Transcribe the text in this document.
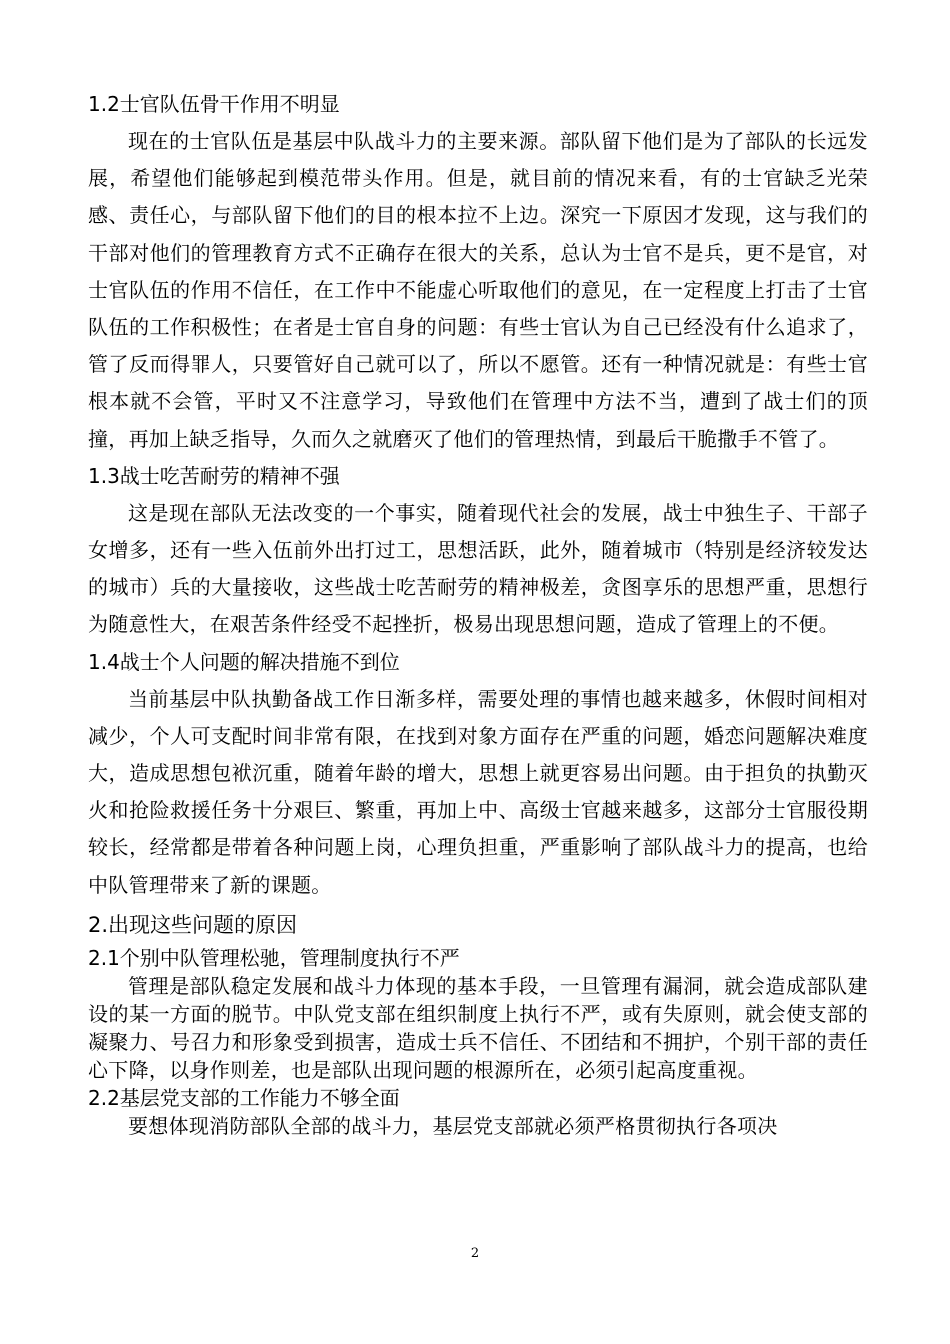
1.2士官队伍骨干作用不明显

现在的士官队伍是基层中队战斗力的主要来源。部队留下他们是为了部队的长远发展，希望他们能够起到模范带头作用。但是，就目前的情况来看，有的士官缺乏光荣感、责任心，与部队留下他们的目的根本拉不上边。深究一下原因才发现，这与我们的干部对他们的管理教育方式不正确存在很大的关系，总认为士官不是兵，更不是官，对士官队伍的作用不信任，在工作中不能虚心听取他们的意见，在一定程度上打击了士官队伍的工作积极性；在者是士官自身的问题：有些士官认为自己已经没有什么追求了，管了反而得罪人，只要管好自己就可以了，所以不愿管。还有一种情况就是：有些士官根本就不会管，平时又不注意学习，导致他们在管理中方法不当，遭到了战士们的顶撞，再加上缺乏指导，久而久之就磨灭了他们的管理热情，到最后干脆撒手不管了。

1.3战士吃苦耐劳的精神不强

这是现在部队无法改变的一个事实，随着现代社会的发展，战士中独生子、干部子女增多，还有一些入伍前外出打过工，思想活跃，此外，随着城市（特别是经济较发达的城市）兵的大量接收，这些战士吃苦耐劳的精神极差，贪图享乐的思想严重，思想行为随意性大，在艰苦条件经受不起挫折，极易出现思想问题，造成了管理上的不便。

1.4战士个人问题的解决措施不到位

当前基层中队执勤备战工作日渐多样，需要处理的事情也越来越多，休假时间相对减少，个人可支配时间非常有限，在找到对象方面存在严重的问题，婚恋问题解决难度大，造成思想包袱沉重，随着年龄的增大，思想上就更容易出问题。由于担负的执勤灭火和抢险救援任务十分艰巨、繁重，再加上中、高级士官越来越多，这部分士官服役期较长，经常都是带着各种问题上岗，心理负担重，严重影响了部队战斗力的提高，也给中队管理带来了新的课题。

2.出现这些问题的原因

2.1个别中队管理松驰，管理制度执行不严

管理是部队稳定发展和战斗力体现的基本手段，一旦管理有漏洞，就会造成部队建设的某一方面的脱节。中队党支部在组织制度上执行不严，或有失原则，就会使支部的凝聚力、号召力和形象受到损害，造成士兵不信任、不团结和不拥护，个别干部的责任心下降，以身作则差，也是部队出现问题的根源所在，必须引起高度重视。

2.2基层党支部的工作能力不够全面

要想体现消防部队全部的战斗力，基层党支部就必须严格贯彻执行各项决

2
